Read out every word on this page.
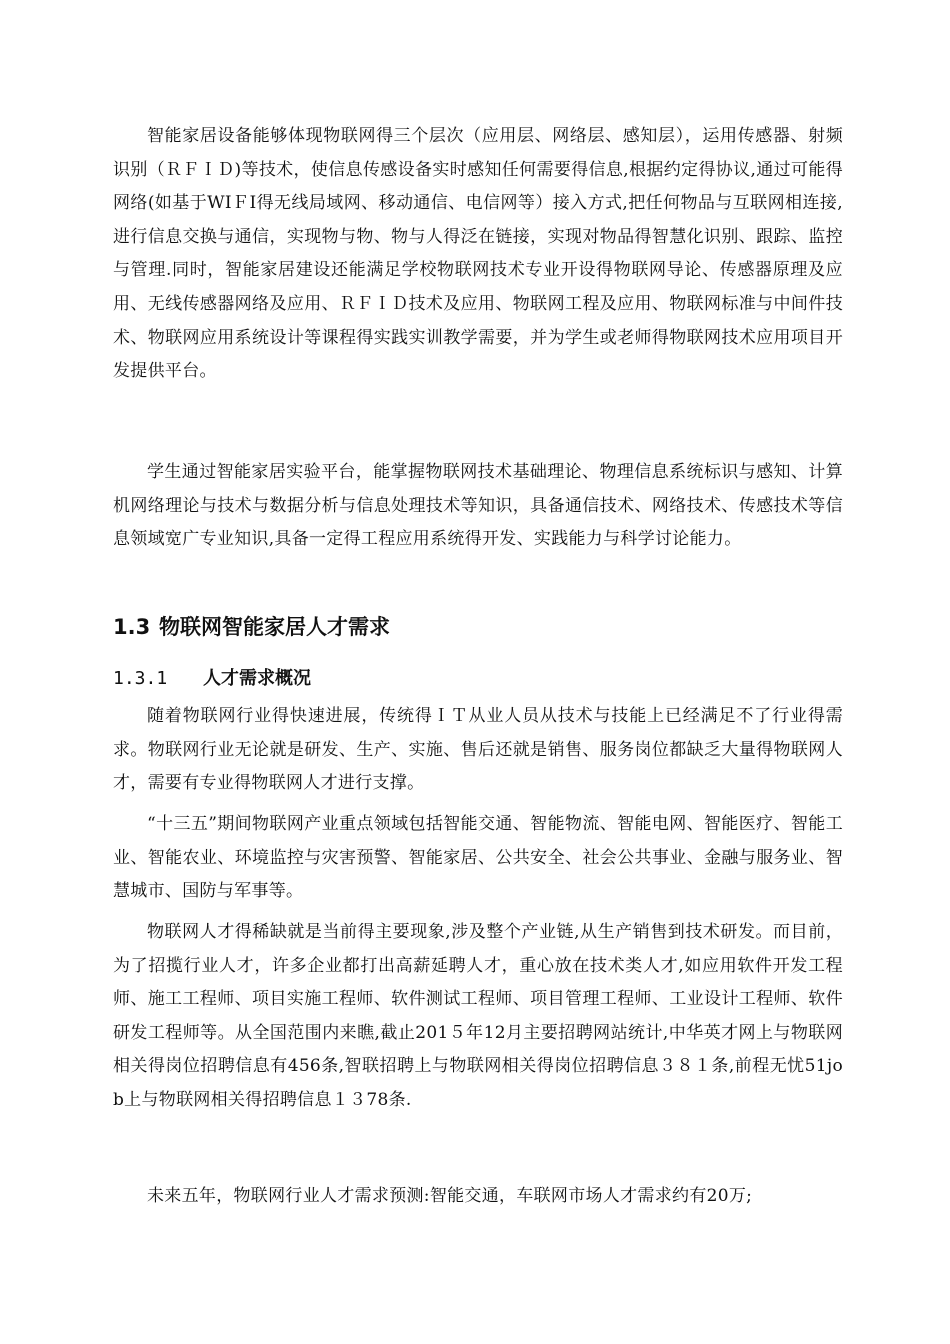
智能家居设备能够体现物联网得三个层次（应用层、网络层、感知层），运用传感器、射频识别（ＲＦＩＤ)等技术，使信息传感设备实时感知任何需要得信息,根据约定得协议,通过可能得网络(如基于WIＦI得无线局域网、移动通信、电信网等）接入方式,把任何物品与互联网相连接,进行信息交换与通信，实现物与物、物与人得泛在链接，实现对物品得智慧化识别、跟踪、监控与管理.同时，智能家居建设还能满足学校物联网技术专业开设得物联网导论、传感器原理及应用、无线传感器网络及应用、ＲＦＩＤ技术及应用、物联网工程及应用、物联网标准与中间件技术、物联网应用系统设计等课程得实践实训教学需要，并为学生或老师得物联网技术应用项目开发提供平台。

学生通过智能家居实验平台，能掌握物联网技术基础理论、物理信息系统标识与感知、计算机网络理论与技术与数据分析与信息处理技术等知识，具备通信技术、网络技术、传感技术等信息领域宽广专业知识,具备一定得工程应用系统得开发、实践能力与科学讨论能力。

1.3 物联网智能家居人才需求
1.3.1 人才需求概况

随着物联网行业得快速进展，传统得ＩＴ从业人员从技术与技能上已经满足不了行业得需求。物联网行业无论就是研发、生产、实施、售后还就是销售、服务岗位都缺乏大量得物联网人才，需要有专业得物联网人才进行支撑。

“十三五”期间物联网产业重点领域包括智能交通、智能物流、智能电网、智能医疗、智能工业、智能农业、环境监控与灾害预警、智能家居、公共安全、社会公共事业、金融与服务业、智慧城市、国防与军事等。

物联网人才得稀缺就是当前得主要现象,涉及整个产业链,从生产销售到技术研发。而目前，为了招揽行业人才，许多企业都打出高薪延聘人才，重心放在技术类人才,如应用软件开发工程师、施工工程师、项目实施工程师、软件测试工程师、项目管理工程师、工业设计工程师、软件研发工程师等。从全国范围内来瞧,截止201５年12月主要招聘网站统计,中华英才网上与物联网相关得岗位招聘信息有456条,智联招聘上与物联网相关得岗位招聘信息３８１条,前程无忧51job上与物联网相关得招聘信息１３78条.

未来五年，物联网行业人才需求预测:智能交通，车联网市场人才需求约有20万;
